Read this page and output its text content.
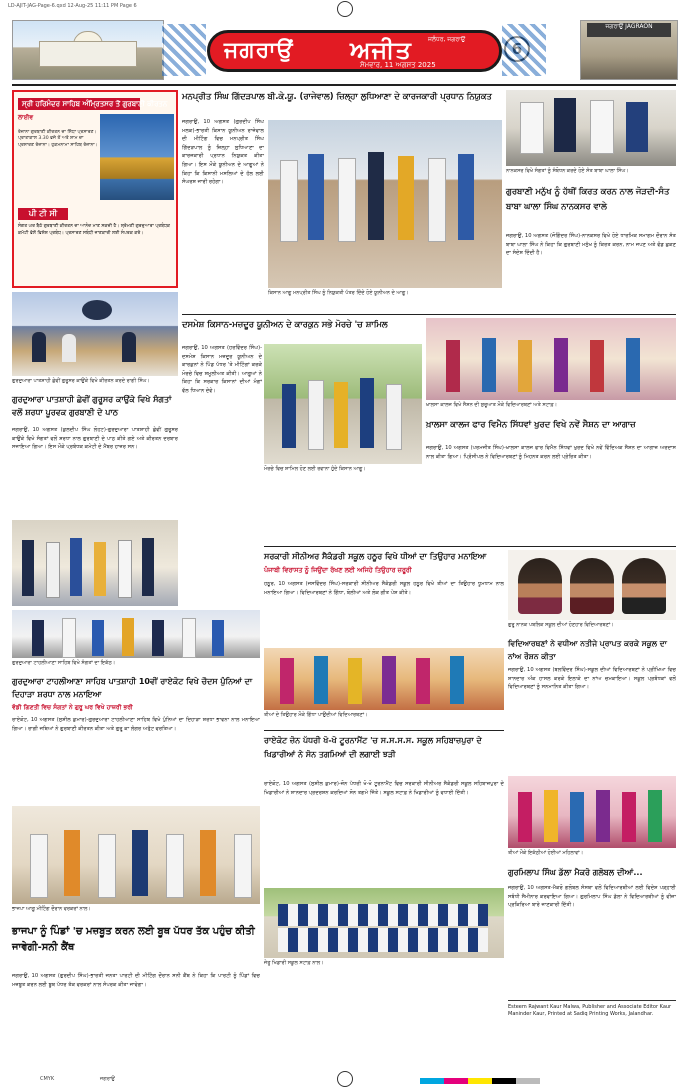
LD-AJIT-JAG-Page-6.qxd 12-Aug-25 11:11 PM Page 6
ਜਗਰਾਉਂ	ਜਲੰਧਰ, ਜਗਰਾਉਂ
ਅਜੀਤ
ਸੋਮਵਾਰ, 11 ਅਗਸਤ 2025
ਜਗਰਾਉਂ JAGRAON
ਸ੍ਰੀ ਹਰਿਮੰਦਰ ਸਾਹਿਬ ਅੰਮ੍ਰਿਤਸਰ ਤੋਂ ਗੁਰਬਾਣੀ ਕੀਰਤਨ
ਲਾਈਵ
ਰੋਜ਼ਾਨਾ ਗੁਰਬਾਣੀ ਕੀਰਤਨ ਦਾ ਸਿੱਧਾ ਪ੍ਰਸਾਰਣ। ਪ੍ਰਾਤਾਕਾਲ 3.30 ਵਜੇ ਤੋਂ ਅਤੇ ਸ਼ਾਮ ਦਾ ਪ੍ਰਸਾਰਣ ਰੋਜ਼ਾਨਾ। ਹੁਕਮਨਾਮਾ ਸਾਹਿਬ ਰੋਜ਼ਾਨਾ।
ਪੀ ਟੀ ਸੀ
ਸੰਗਤ ਘਰ ਬੈਠੇ ਗੁਰਬਾਣੀ ਕੀਰਤਨ ਦਾ ਆਨੰਦ ਮਾਣ ਸਕਦੀ ਹੈ। ਸ਼੍ਰੋਮਣੀ ਗੁਰਦੁਆਰਾ ਪ੍ਰਬੰਧਕ ਕਮੇਟੀ ਵੱਲੋਂ ਵਿਸ਼ੇਸ਼ ਪ੍ਰਬੰਧ। ਪ੍ਰਸਾਰਣ ਸਬੰਧੀ ਜਾਣਕਾਰੀ ਲਈ ਸੰਪਰਕ ਕਰੋ।
ਗੁਰਦੁਆਰਾ ਪਾਤਸ਼ਾਹੀ ਛੇਵੀਂ ਗੁਰੂਸਰ ਕਾਉਂਕੇ ਵਿਖੇ ਕੀਰਤਨ ਕਰਦੇ ਰਾਗੀ ਸਿੰਘ।
ਗੁਰਦੁਆਰਾ ਪਾਤਸ਼ਾਹੀ ਛੇਵੀਂ ਗੁਰੂਸਰ ਕਾਉਂਕੇ ਵਿਖੇ ਸੰਗਤਾਂ ਵਲੋਂ ਸ਼ਰਧਾ ਪੂਰਵਕ ਗੁਰਬਾਣੀ ਦੇ ਪਾਠ
ਜਗਰਾਉਂ, 10 ਅਗਸਤ (ਕੁਲਦੀਪ ਸਿੰਘ ਲੋਹਟ)-ਗੁਰਦੁਆਰਾ ਪਾਤਸ਼ਾਹੀ ਛੇਵੀਂ ਗੁਰੂਸਰ ਕਾਉਂਕੇ ਵਿਖੇ ਸੰਗਤਾਂ ਵਲੋਂ ਸ਼ਰਧਾ ਨਾਲ ਗੁਰਬਾਣੀ ਦੇ ਪਾਠ ਕੀਤੇ ਗਏ ਅਤੇ ਕੀਰਤਨ ਦਰਬਾਰ ਸਜਾਇਆ ਗਿਆ। ਇਸ ਮੌਕੇ ਪ੍ਰਬੰਧਕ ਕਮੇਟੀ ਦੇ ਮੈਂਬਰ ਹਾਜ਼ਰ ਸਨ।
ਮਨਪ੍ਰੀਤ ਸਿੰਘ ਗਿੱਦੜਪਾਲ ਬੀ.ਕੇ.ਯੂ. (ਰਾਜੇਵਾਲ) ਜ਼ਿਲ੍ਹਾ ਲੁਧਿਆਣਾ ਦੇ ਕਾਰਜਕਾਰੀ ਪ੍ਰਧਾਨ ਨਿਯੁਕਤ
ਜਗਰਾਉਂ, 10 ਅਗਸਤ (ਗੁਰਦੀਪ ਸਿੰਘ ਮਲਕ)-ਭਾਰਤੀ ਕਿਸਾਨ ਯੂਨੀਅਨ ਰਾਜੇਵਾਲ ਦੀ ਮੀਟਿੰਗ ਵਿਚ ਮਨਪ੍ਰੀਤ ਸਿੰਘ ਗਿੱਦੜਪਾਲ ਨੂੰ ਜ਼ਿਲ੍ਹਾ ਲੁਧਿਆਣਾ ਦਾ ਕਾਰਜਕਾਰੀ ਪ੍ਰਧਾਨ ਨਿਯੁਕਤ ਕੀਤਾ ਗਿਆ। ਇਸ ਮੌਕੇ ਯੂਨੀਅਨ ਦੇ ਆਗੂਆਂ ਨੇ ਕਿਹਾ ਕਿ ਕਿਸਾਨੀ ਮਸਲਿਆਂ ਦੇ ਹੱਲ ਲਈ ਸੰਘਰਸ਼ ਜਾਰੀ ਰਹੇਗਾ।
ਕਿਸਾਨ ਆਗੂ ਮਨਪ੍ਰੀਤ ਸਿੰਘ ਨੂੰ ਨਿਯੁਕਤੀ ਪੱਤਰ ਦਿੰਦੇ ਹੋਏ ਯੂਨੀਅਨ ਦੇ ਆਗੂ।
ਨਾਨਕਸਰ ਵਿਖੇ ਸੰਗਤਾਂ ਨੂੰ ਸੰਬੋਧਨ ਕਰਦੇ ਹੋਏ ਸੰਤ ਬਾਬਾ ਘਾਲਾ ਸਿੰਘ।
ਗੁਰਬਾਣੀ ਮਨੁੱਖ ਨੂੰ ਹੱਥੀਂ ਕਿਰਤ ਕਰਨ ਨਾਲ ਜੋੜਦੀ-ਸੰਤ ਬਾਬਾ ਘਾਲਾ ਸਿੰਘ ਨਾਨਕਸਰ ਵਾਲੇ
ਜਗਰਾਉਂ, 10 ਅਗਸਤ (ਜੋਗਿੰਦਰ ਸਿੰਘ)-ਨਾਨਕਸਰ ਵਿਖੇ ਹੋਏ ਧਾਰਮਿਕ ਸਮਾਗਮ ਦੌਰਾਨ ਸੰਤ ਬਾਬਾ ਘਾਲਾ ਸਿੰਘ ਨੇ ਕਿਹਾ ਕਿ ਗੁਰਬਾਣੀ ਮਨੁੱਖ ਨੂੰ ਕਿਰਤ ਕਰਨ, ਨਾਮ ਜਪਣ ਅਤੇ ਵੰਡ ਛਕਣ ਦਾ ਸੰਦੇਸ਼ ਦਿੰਦੀ ਹੈ।
ਦਸਮੇਸ਼ ਕਿਸਾਨ-ਮਜ਼ਦੂਰ ਯੂਨੀਅਨ ਦੇ ਕਾਰਕੁਨ ਸਭੇ ਮੋਰਚੇ 'ਚ ਸ਼ਾਮਿਲ
ਜਗਰਾਉਂ, 10 ਅਗਸਤ (ਹਰਵਿੰਦਰ ਸਿੰਘ)-ਦਸਮੇਸ਼ ਕਿਸਾਨ ਮਜ਼ਦੂਰ ਯੂਨੀਅਨ ਦੇ ਕਾਰਕੁਨਾਂ ਨੇ ਪਿੰਡ ਪੱਧਰ 'ਤੇ ਮੀਟਿੰਗਾਂ ਕਰਕੇ ਮੋਰਚੇ ਵਿਚ ਸ਼ਮੂਲੀਅਤ ਕੀਤੀ। ਆਗੂਆਂ ਨੇ ਕਿਹਾ ਕਿ ਸਰਕਾਰ ਕਿਸਾਨਾਂ ਦੀਆਂ ਮੰਗਾਂ ਵੱਲ ਧਿਆਨ ਦੇਵੇ।
ਮੋਰਚੇ ਵਿਚ ਸ਼ਾਮਿਲ ਹੋਣ ਲਈ ਰਵਾਨਾ ਹੁੰਦੇ ਕਿਸਾਨ ਆਗੂ।
ਖ਼ਾਲਸਾ ਕਾਲਜ ਵਿਖੇ ਸੈਸ਼ਨ ਦੀ ਸ਼ੁਰੂਆਤ ਮੌਕੇ ਵਿਦਿਆਰਥਣਾਂ ਅਤੇ ਸਟਾਫ਼।
ਖ਼ਾਲਸਾ ਕਾਲਜ ਫਾਰ ਵਿਮੈਨ ਸਿੱਧਵਾਂ ਖੁਰਦ ਵਿਖੇ ਨਵੇਂ ਸੈਸ਼ਨ ਦਾ ਆਗਾਜ਼
ਜਗਰਾਉਂ, 10 ਅਗਸਤ (ਪਰਮਜੀਤ ਸਿੰਘ)-ਖ਼ਾਲਸਾ ਕਾਲਜ ਫਾਰ ਵਿਮੈਨ ਸਿੱਧਵਾਂ ਖੁਰਦ ਵਿਖੇ ਨਵੇਂ ਵਿੱਦਿਅਕ ਸੈਸ਼ਨ ਦਾ ਆਗਾਜ਼ ਅਰਦਾਸ ਨਾਲ ਕੀਤਾ ਗਿਆ। ਪ੍ਰਿੰਸੀਪਲ ਨੇ ਵਿਦਿਆਰਥਣਾਂ ਨੂੰ ਮਿਹਨਤ ਕਰਨ ਲਈ ਪ੍ਰੇਰਿਤ ਕੀਤਾ।
ਸਰਕਾਰੀ ਸੀਨੀਅਰ ਸੈਕੰਡਰੀ ਸਕੂਲ ਹਠੂਰ ਵਿਖੇ ਧੀਆਂ ਦਾ ਤਿਉਹਾਰ ਮਨਾਇਆ
ਪੰਜਾਬੀ ਵਿਰਾਸਤ ਨੂੰ ਜਿਉਂਦਾ ਰੱਖਣ ਲਈ ਅਜਿਹੇ ਤਿਉਹਾਰ ਜ਼ਰੂਰੀ
ਹਠੂਰ, 10 ਅਗਸਤ (ਜਸਵਿੰਦਰ ਸਿੰਘ)-ਸਰਕਾਰੀ ਸੀਨੀਅਰ ਸੈਕੰਡਰੀ ਸਕੂਲ ਹਠੂਰ ਵਿਖੇ ਤੀਆਂ ਦਾ ਤਿਉਹਾਰ ਧੂਮਧਾਮ ਨਾਲ ਮਨਾਇਆ ਗਿਆ। ਵਿਦਿਆਰਥਣਾਂ ਨੇ ਗਿੱਧਾ, ਬੋਲੀਆਂ ਅਤੇ ਲੋਕ ਗੀਤ ਪੇਸ਼ ਕੀਤੇ।
ਤੀਆਂ ਦੇ ਤਿਉਹਾਰ ਮੌਕੇ ਗਿੱਧਾ ਪਾਉਂਦੀਆਂ ਵਿਦਿਆਰਥਣਾਂ।
ਗੁਰੂ ਨਾਨਕ ਪਬਲਿਕ ਸਕੂਲ ਦੀਆਂ ਹੋਣਹਾਰ ਵਿਦਿਆਰਥਣਾਂ।
ਵਿਦਿਆਰਥਣਾਂ ਨੇ ਵਧੀਆ ਨਤੀਜੇ ਪ੍ਰਾਪਤ ਕਰਕੇ ਸਕੂਲ ਦਾ ਨਾਂਅ ਰੌਸ਼ਨ ਕੀਤਾ
ਜਗਰਾਉਂ, 10 ਅਗਸਤ (ਬਲਵਿੰਦਰ ਸਿੰਘ)-ਸਕੂਲ ਦੀਆਂ ਵਿਦਿਆਰਥਣਾਂ ਨੇ ਪ੍ਰੀਖਿਆ ਵਿਚ ਸ਼ਾਨਦਾਰ ਅੰਕ ਹਾਸਲ ਕਰਕੇ ਇਲਾਕੇ ਦਾ ਨਾਂਅ ਚਮਕਾਇਆ। ਸਕੂਲ ਪ੍ਰਬੰਧਕਾਂ ਵਲੋਂ ਵਿਦਿਆਰਥਣਾਂ ਨੂੰ ਸਨਮਾਨਿਤ ਕੀਤਾ ਗਿਆ।
ਗੁਰਦੁਆਰਾ ਟਾਹਲੀਆਣਾ ਸਾਹਿਬ ਵਿਖੇ ਸੰਗਤਾਂ ਦਾ ਇਕੱਠ।
ਗੁਰਦੁਆਰਾ ਟਾਹਲੀਆਣਾ ਸਾਹਿਬ ਪਾਤਸ਼ਾਹੀ 10ਵੀਂ ਰਾਏਕੋਟ ਵਿਖੇ ਚੌਦਸ ਪੁੰਨਿਆਂ ਦਾ ਦਿਹਾੜਾ ਸ਼ਰਧਾ ਨਾਲ ਮਨਾਇਆ
ਵੱਡੀ ਗਿਣਤੀ ਵਿਚ ਸੰਗਤਾਂ ਨੇ ਗੁਰੂ ਘਰ ਵਿਖੇ ਹਾਜ਼ਰੀ ਭਰੀ
ਰਾਏਕੋਟ, 10 ਅਗਸਤ (ਸੁਸ਼ੀਲ ਕੁਮਾਰ)-ਗੁਰਦੁਆਰਾ ਟਾਹਲੀਆਣਾ ਸਾਹਿਬ ਵਿਖੇ ਪੁੰਨਿਆਂ ਦਾ ਦਿਹਾੜਾ ਸ਼ਰਧਾ ਭਾਵਨਾ ਨਾਲ ਮਨਾਇਆ ਗਿਆ। ਰਾਗੀ ਜਥਿਆਂ ਨੇ ਗੁਰਬਾਣੀ ਕੀਰਤਨ ਕੀਤਾ ਅਤੇ ਗੁਰੂ ਕਾ ਲੰਗਰ ਅਤੁੱਟ ਵਰਤਿਆ।
ਭਾਜਪਾ ਆਗੂ ਮੀਟਿੰਗ ਦੌਰਾਨ ਵਰਕਰਾਂ ਨਾਲ।
ਭਾਜਪਾ ਨੂੰ ਪਿੰਡਾਂ 'ਚ ਮਜ਼ਬੂਤ ਕਰਨ ਲਈ ਬੂਥ ਪੱਧਰ ਤੱਕ ਪਹੁੰਚ ਕੀਤੀ ਜਾਵੇਗੀ-ਸਨੀ ਕੈਂਥ
ਜਗਰਾਉਂ, 10 ਅਗਸਤ (ਗੁਰਦੀਪ ਸਿੰਘ)-ਭਾਰਤੀ ਜਨਤਾ ਪਾਰਟੀ ਦੀ ਮੀਟਿੰਗ ਦੌਰਾਨ ਸਨੀ ਕੈਂਥ ਨੇ ਕਿਹਾ ਕਿ ਪਾਰਟੀ ਨੂੰ ਪਿੰਡਾਂ ਵਿਚ ਮਜ਼ਬੂਤ ਕਰਨ ਲਈ ਬੂਥ ਪੱਧਰ ਤੱਕ ਵਰਕਰਾਂ ਨਾਲ ਸੰਪਰਕ ਕੀਤਾ ਜਾਵੇਗਾ।
ਰਾਏਕੋਟ ਜ਼ੋਨ ਪੱਧਰੀ ਖੋ-ਖੋ ਟੂਰਨਾਮੈਂਟ 'ਚ ਸ.ਸ.ਸ.ਸ. ਸਕੂਲ ਸਹਿਬਾਜ਼ਪੁਰਾ ਦੇ ਖਿਡਾਰੀਆਂ ਨੇ ਸੋਨ ਤਗਮਿਆਂ ਦੀ ਲਗਾਈ ਝੜੀ
ਰਾਏਕੋਟ, 10 ਅਗਸਤ (ਸੁਸ਼ੀਲ ਕੁਮਾਰ)-ਜ਼ੋਨ ਪੱਧਰੀ ਖੋ-ਖੋ ਟੂਰਨਾਮੈਂਟ ਵਿਚ ਸਰਕਾਰੀ ਸੀਨੀਅਰ ਸੈਕੰਡਰੀ ਸਕੂਲ ਸਹਿਬਾਜ਼ਪੁਰਾ ਦੇ ਖਿਡਾਰੀਆਂ ਨੇ ਸ਼ਾਨਦਾਰ ਪ੍ਰਦਰਸ਼ਨ ਕਰਦਿਆਂ ਸੋਨ ਤਗਮੇ ਜਿੱਤੇ। ਸਕੂਲ ਸਟਾਫ਼ ਨੇ ਖਿਡਾਰੀਆਂ ਨੂੰ ਵਧਾਈ ਦਿੱਤੀ।
ਜੇਤੂ ਖਿਡਾਰੀ ਸਕੂਲ ਸਟਾਫ਼ ਨਾਲ।
ਤੀਆਂ ਮੌਕੇ ਇਕੱਠੀਆਂ ਹੋਈਆਂ ਮਹਿਲਾਵਾਂ।
ਗੁਰਮਿਲਾਪ ਸਿੰਘ ਡੱਲਾ ਮੈਕਰੋ ਗਲੋਬਲ ਦੀਆਂ...
ਜਗਰਾਉਂ, 10 ਅਗਸਤ-ਮੈਕਰੋ ਗਲੋਬਲ ਸੰਸਥਾ ਵਲੋਂ ਵਿਦਿਆਰਥੀਆਂ ਲਈ ਵਿਦੇਸ਼ ਪੜ੍ਹਾਈ ਸਬੰਧੀ ਸੈਮੀਨਾਰ ਕਰਵਾਇਆ ਗਿਆ। ਗੁਰਮਿਲਾਪ ਸਿੰਘ ਡੱਲਾ ਨੇ ਵਿਦਿਆਰਥੀਆਂ ਨੂੰ ਵੀਜ਼ਾ ਪ੍ਰਕਿਰਿਆ ਬਾਰੇ ਜਾਣਕਾਰੀ ਦਿੱਤੀ।
Esteem Rajwant Kaur Malwa, Publisher and Associate Editor Kaur Maninder Kaur, Printed at Sadiq Printing Works, Jalandhar.
CMYK	ਜਗਰਾਉਂ
